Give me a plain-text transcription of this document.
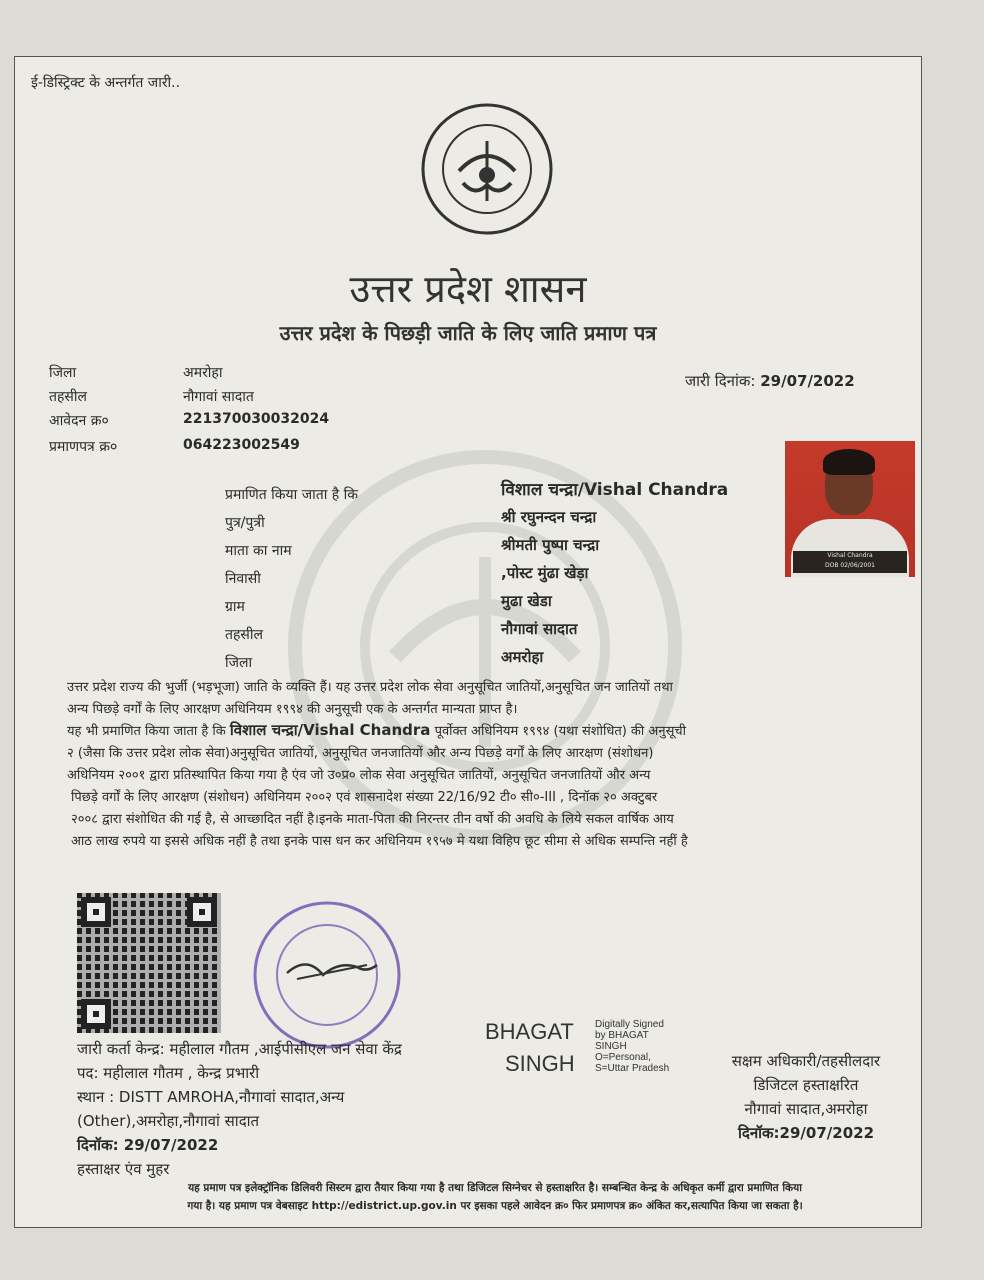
ई-डिस्ट्रिक्ट के अन्तर्गत जारी..
उत्तर प्रदेश शासन
उत्तर प्रदेश के पिछड़ी जाति के लिए जाति प्रमाण पत्र
जिला	अमरोहा
तहसील	नौगावां सादात
आवेदन क्र०	221370030032024
प्रमाणपत्र क्र०	064223002549
जारी दिनांक: 29/07/2022
Vishal Chandra
DOB 02/06/2001
प्रमाणित किया जाता है कि	विशाल चन्द्रा/Vishal Chandra
पुत्र/पुत्री	श्री रघुनन्दन चन्द्रा
माता का नाम	श्रीमती पुष्पा चन्द्रा
निवासी	,पोस्ट मुंढा खेड़ा
ग्राम	मुढा खेडा
तहसील	नौगावां सादात
जिला	अमरोहा
उत्तर प्रदेश राज्य की भुर्जी (भड़भूजा) जाति के व्यक्ति हैं। यह उत्तर प्रदेश लोक सेवा अनुसूचित जातियों,अनुसूचित जन जातियों तथा
अन्य पिछड़े वर्गों के लिए आरक्षण अधिनियम १९९४ की अनुसूची एक के अन्तर्गत मान्यता प्राप्त है।
यह भी प्रमाणित किया जाता है कि विशाल चन्द्रा/Vishal Chandra पूर्वोक्त अधिनियम १९९४ (यथा संशोधित) की अनुसूची
२ (जैसा कि उत्तर प्रदेश लोक सेवा)अनुसूचित जातियों, अनुसूचित जनजातियों और अन्य पिछड़े वर्गों के लिए आरक्षण (संशोधन)
अधिनियम २००१ द्वारा प्रतिस्थापित किया गया है एंव जो उ०प्र० लोक सेवा अनुसूचित जातियों, अनुसूचित जनजातियों और अन्य
पिछड़े वर्गों के लिए आरक्षण (संशोधन) अधिनियम २००२ एवं शासनादेश संख्या 22/16/92 टी० सी०-III , दिनॉक २० अक्टुबर
२००८ द्वारा संशोधित की गई है, से आच्छादित नहीं है।इनके माता-पिता की निरन्तर तीन वर्षो की अवधि के लिये सकल वार्षिक आय
आठ लाख रुपये या इससे अधिक नहीं है तथा इनके पास धन कर अधिनियम १९५७ मे यथा विहिप छूट सीमा से अधिक सम्पन्ति नहीं है
BHAGAT
SINGH
Digitally Signed
by BHAGAT
SINGH
O=Personal,
S=Uttar Pradesh
जारी कर्ता केन्द्र: महीलाल गौतम ,आईपीसीएल जन सेवा केंद्र
पद: महीलाल गौतम , केन्द्र प्रभारी
स्थान : DISTT AMROHA,नौगावां सादात,अन्य
(Other),अमरोहा,नौगावां सादात
दिनॉक: 29/07/2022
हस्ताक्षर एंव मुहर
सक्षम अधिकारी/तहसीलदार
डिजिटल हस्ताक्षरित
नौगावां सादात,अमरोहा
दिनॉक:29/07/2022
यह प्रमाण पत्र इलेक्ट्रॉनिक डिलिवरी सिस्टम द्वारा तैयार किया गया है तथा डिजिटल सिग्नेचर से हस्ताक्षरित है। सम्बन्धित केन्द्र के अधिकृत कर्मी द्वारा प्रमाणित किया
गया है। यह प्रमाण पत्र वेबसाइट http://edistrict.up.gov.in पर इसका पहले आवेदन क्र० फिर प्रमाणपत्र क्र० अंकित कर,सत्यापित किया जा सकता है।
